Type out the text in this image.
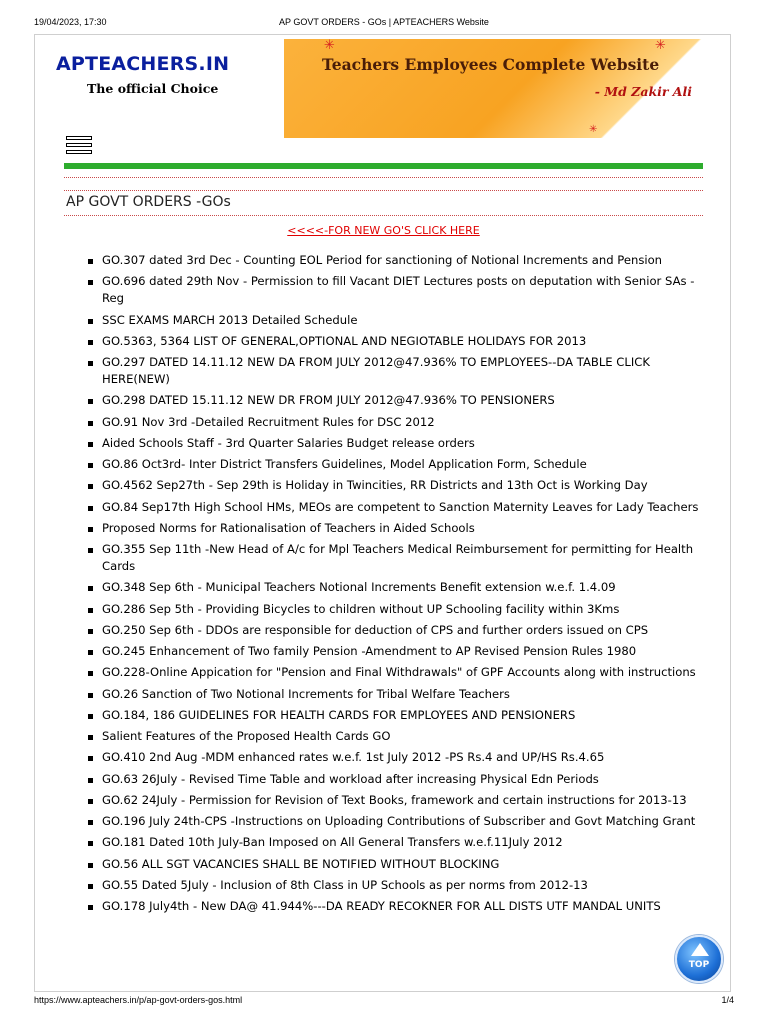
19/04/2023, 17:30	AP GOVT ORDERS - GOs | APTEACHERS Website
APTEACHERS.IN
The official Choice
✳	✳
✳
Teachers Employees Complete Website
- Md Zakir Ali
AP GOVT ORDERS -GOs
<<<<-FOR NEW GO'S CLICK HERE
GO.307 dated 3rd Dec - Counting EOL Period for sanctioning of Notional Increments and Pension
GO.696 dated 29th Nov - Permission to fill Vacant DIET Lectures posts on deputation with Senior SAs - Reg
SSC EXAMS MARCH 2013 Detailed Schedule
GO.5363, 5364 LIST OF GENERAL,OPTIONAL AND NEGIOTABLE HOLIDAYS FOR 2013
GO.297 DATED 14.11.12 NEW DA FROM JULY 2012@47.936% TO EMPLOYEES--DA TABLE CLICK HERE(NEW)
GO.298 DATED 15.11.12 NEW DR FROM JULY 2012@47.936% TO PENSIONERS
GO.91 Nov 3rd -Detailed Recruitment Rules for DSC 2012
Aided Schools Staff - 3rd Quarter Salaries Budget release orders
GO.86 Oct3rd- Inter District Transfers Guidelines, Model Application Form, Schedule
GO.4562 Sep27th - Sep 29th is Holiday in Twincities, RR Districts and 13th Oct is Working Day
GO.84 Sep17th High School HMs, MEOs are competent to Sanction Maternity Leaves for Lady Teachers
Proposed Norms for Rationalisation of Teachers in Aided Schools
GO.355 Sep 11th -New Head of A/c for Mpl Teachers Medical Reimbursement for permitting for Health Cards
GO.348 Sep 6th - Municipal Teachers Notional Increments Benefit extension w.e.f. 1.4.09
GO.286 Sep 5th - Providing Bicycles to children without UP Schooling facility within 3Kms
GO.250 Sep 6th - DDOs are responsible for deduction of CPS and further orders issued on CPS
GO.245 Enhancement of Two family Pension -Amendment to AP Revised Pension Rules 1980
GO.228-Online Appication for "Pension and Final Withdrawals" of GPF Accounts along with instructions
GO.26 Sanction of Two Notional Increments for Tribal Welfare Teachers
GO.184, 186 GUIDELINES FOR HEALTH CARDS FOR EMPLOYEES AND PENSIONERS
Salient Features of the Proposed Health Cards GO
GO.410 2nd Aug -MDM enhanced rates w.e.f. 1st July 2012 -PS Rs.4 and UP/HS Rs.4.65
GO.63 26July - Revised Time Table and workload after increasing Physical Edn Periods
GO.62 24July - Permission for Revision of Text Books, framework and certain instructions for 2013-13
GO.196 July 24th-CPS -Instructions on Uploading Contributions of Subscriber and Govt Matching Grant
GO.181 Dated 10th July-Ban Imposed on All General Transfers w.e.f.11July 2012
GO.56 ALL SGT VACANCIES SHALL BE NOTIFIED WITHOUT BLOCKING
GO.55 Dated 5July - Inclusion of 8th Class in UP Schools as per norms from 2012-13
GO.178 July4th - New DA@ 41.944%---DA READY RECOKNER FOR ALL DISTS UTF MANDAL UNITS
TOP
https://www.apteachers.in/p/ap-govt-orders-gos.html	1/4
